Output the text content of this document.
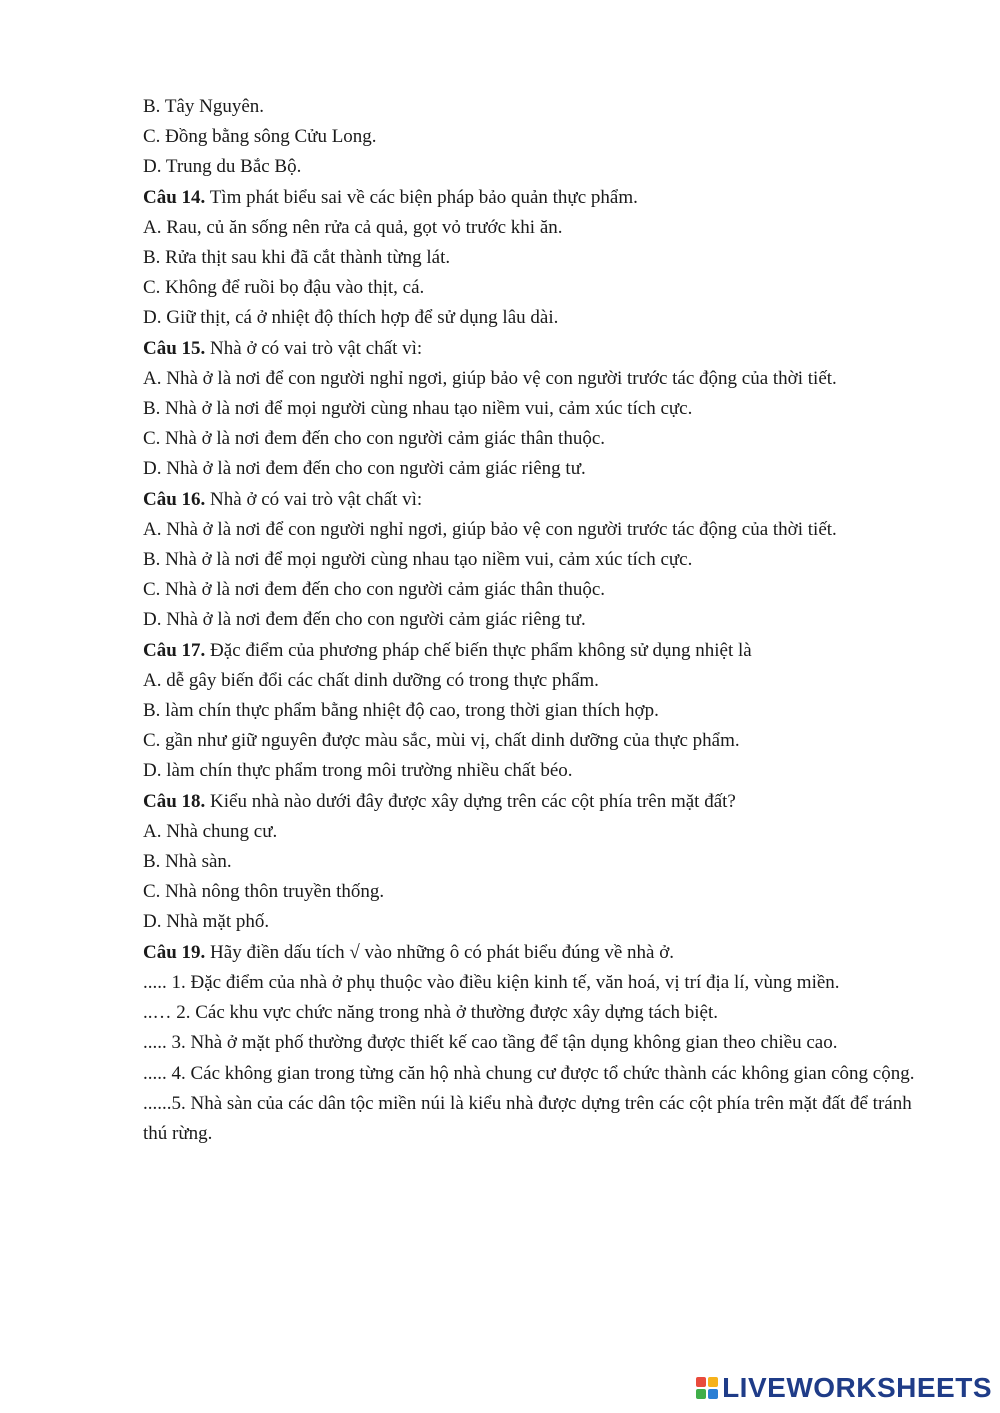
B. Tây Nguyên.
C. Đồng bằng sông Cửu Long.
D. Trung du Bắc Bộ.
Câu 14. Tìm phát biểu sai về các biện pháp bảo quản thực phẩm.
A. Rau, củ ăn sống nên rửa cả quả, gọt vỏ trước khi ăn.
B. Rửa thịt sau khi đã cắt thành từng lát.
C. Không để ruồi bọ đậu vào thịt, cá.
D. Giữ thịt, cá ở nhiệt độ thích hợp để sử dụng lâu dài.
Câu 15. Nhà ở có vai trò vật chất vì:
A. Nhà ở là nơi để con người nghỉ ngơi, giúp bảo vệ con người trước tác động của thời tiết.
B. Nhà ở là nơi để mọi người cùng nhau tạo niềm vui, cảm xúc tích cực.
C. Nhà ở là nơi đem đến cho con người cảm giác thân thuộc.
D. Nhà ở là nơi đem đến cho con người cảm giác riêng tư.
Câu 16. Nhà ở có vai trò vật chất vì:
A. Nhà ở là nơi để con người nghỉ ngơi, giúp bảo vệ con người trước tác động của thời tiết.
B. Nhà ở là nơi để mọi người cùng nhau tạo niềm vui, cảm xúc tích cực.
C. Nhà ở là nơi đem đến cho con người cảm giác thân thuộc.
D. Nhà ở là nơi đem đến cho con người cảm giác riêng tư.
Câu 17. Đặc điểm của phương pháp chế biến thực phẩm không sử dụng nhiệt là
A. dễ gây biến đổi các chất dinh dưỡng có trong thực phẩm.
B. làm chín thực phẩm bằng nhiệt độ cao, trong thời gian thích hợp.
C. gần như giữ nguyên được màu sắc, mùi vị, chất dinh dưỡng của thực phẩm.
D. làm chín thực phẩm trong môi trường nhiều chất béo.
Câu 18. Kiểu nhà nào dưới đây được xây dựng trên các cột phía trên mặt đất?
A. Nhà chung cư.
B. Nhà sàn.
C. Nhà nông thôn truyền thống.
D. Nhà mặt phố.
Câu 19. Hãy điền dấu tích √ vào những ô có phát biểu đúng về nhà ở.
..... 1. Đặc điểm của nhà ở phụ thuộc vào điều kiện kinh tế, văn hoá, vị trí địa lí, vùng miền.
..… 2. Các khu vực chức năng trong nhà ở thường được xây dựng tách biệt.
..... 3. Nhà ở mặt phố thường được thiết kế cao tầng để tận dụng không gian theo chiều cao.
..... 4. Các không gian trong từng căn hộ nhà chung cư được tổ chức thành các không gian công cộng.
......5. Nhà sàn của các dân tộc miền núi là kiểu nhà được dựng trên các cột phía trên mặt đất để tránh thú rừng.
LIVEWORKSHEETS
